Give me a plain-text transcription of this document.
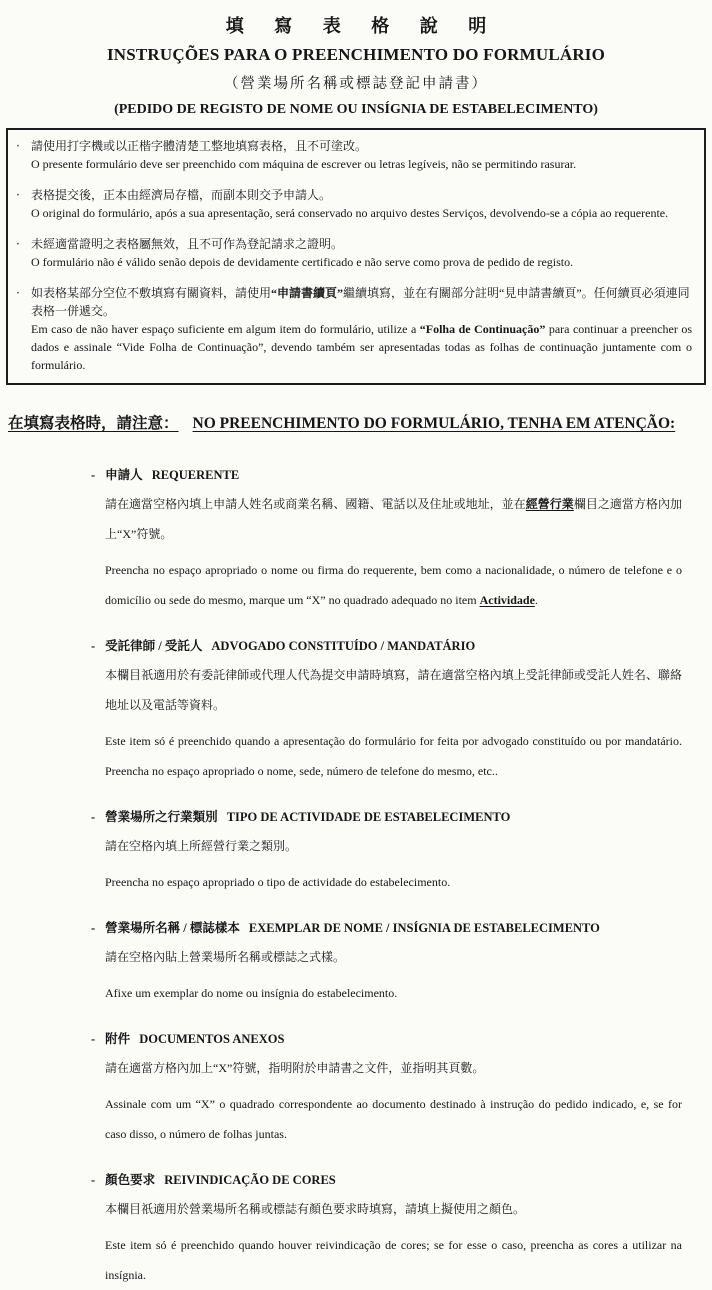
填 寫 表 格 說 明
INSTRUÇÕES PARA O PREENCHIMENTO DO FORMULÁRIO
（營業場所名稱或標誌登記申請書）
(PEDIDO DE REGISTO DE NOME OU INSÍGNIA DE ESTABELECIMENTO)
‧ 請使用打字機或以正楷字體清楚工整地填寫表格，且不可塗改。
O presente formulário deve ser preenchido com máquina de escrever ou letras legíveis, não se permitindo rasurar.
‧ 表格提交後，正本由經濟局存檔，而副本則交予申請人。
O original do formulário, após a sua apresentação, será conservado no arquivo destes Serviços, devolvendo-se a cópia ao requerente.
‧ 未經適當證明之表格屬無效，且不可作為登記請求之證明。
O formulário não é válido senão depois de devidamente certificado e não serve como prova de pedido de registo.
‧ 如表格某部分空位不敷填寫有關資料，請使用“申請書續頁”繼續填寫，並在有關部分註明“見申請書續頁”。任何續頁必須連同表格一併遞交。
Em caso de não haver espaço suficiente em algum item do formulário, utilize a “Folha de Continuação” para continuar a preencher os dados e assinale “Vide Folha de Continuação”, devendo também ser apresentadas todas as folhas de continuação juntamente com o formulário.
在填寫表格時，請注意： NO PREENCHIMENTO DO FORMULÁRIO, TENHA EM ATENÇÃO:
- 申請人 REQUERENTE

請在適當空格內填上申請人姓名或商業名稱、國籍、電話以及住址或地址，並在經營行業欄目之適當方格內加上“X”符號。

Preencha no espaço apropriado o nome ou firma do requerente, bem como a nacionalidade, o número de telefone e o domicílio ou sede do mesmo, marque um “X” no quadrado adequado no item Actividade.

- 受託律師 / 受託人 ADVOGADO CONSTITUÍDO / MANDATÁRIO

本欄目祇適用於有委託律師或代理人代為提交申請時填寫，請在適當空格內填上受託律師或受託人姓名、聯絡地址以及電話等資料。

Este item só é preenchido quando a apresentação do formulário for feita por advogado constituído ou por mandatário. Preencha no espaço apropriado o nome, sede, número de telefone do mesmo, etc..

- 營業場所之行業類別 TIPO DE ACTIVIDADE DE ESTABELECIMENTO

請在空格內填上所經營行業之類別。

Preencha no espaço apropriado o tipo de actividade do estabelecimento.

- 營業場所名稱 / 標誌樣本 EXEMPLAR DE NOME / INSÍGNIA DE ESTABELECIMENTO

請在空格內貼上營業場所名稱或標誌之式樣。

Afixe um exemplar do nome ou insígnia do estabelecimento.

- 附件 DOCUMENTOS ANEXOS

請在適當方格內加上“X”符號，指明附於申請書之文件，並指明其頁數。

Assinale com um “X” o quadrado correspondente ao documento destinado à instrução do pedido indicado, e, se for caso disso, o número de folhas juntas.

- 顏色要求 REIVINDICAÇÃO DE CORES

本欄目祇適用於營業場所名稱或標誌有顏色要求時填寫，請填上擬使用之顏色。

Este item só é preenchido quando houver reivindicação de cores; se for esse o caso, preencha as cores a utilizar na insígnia.
